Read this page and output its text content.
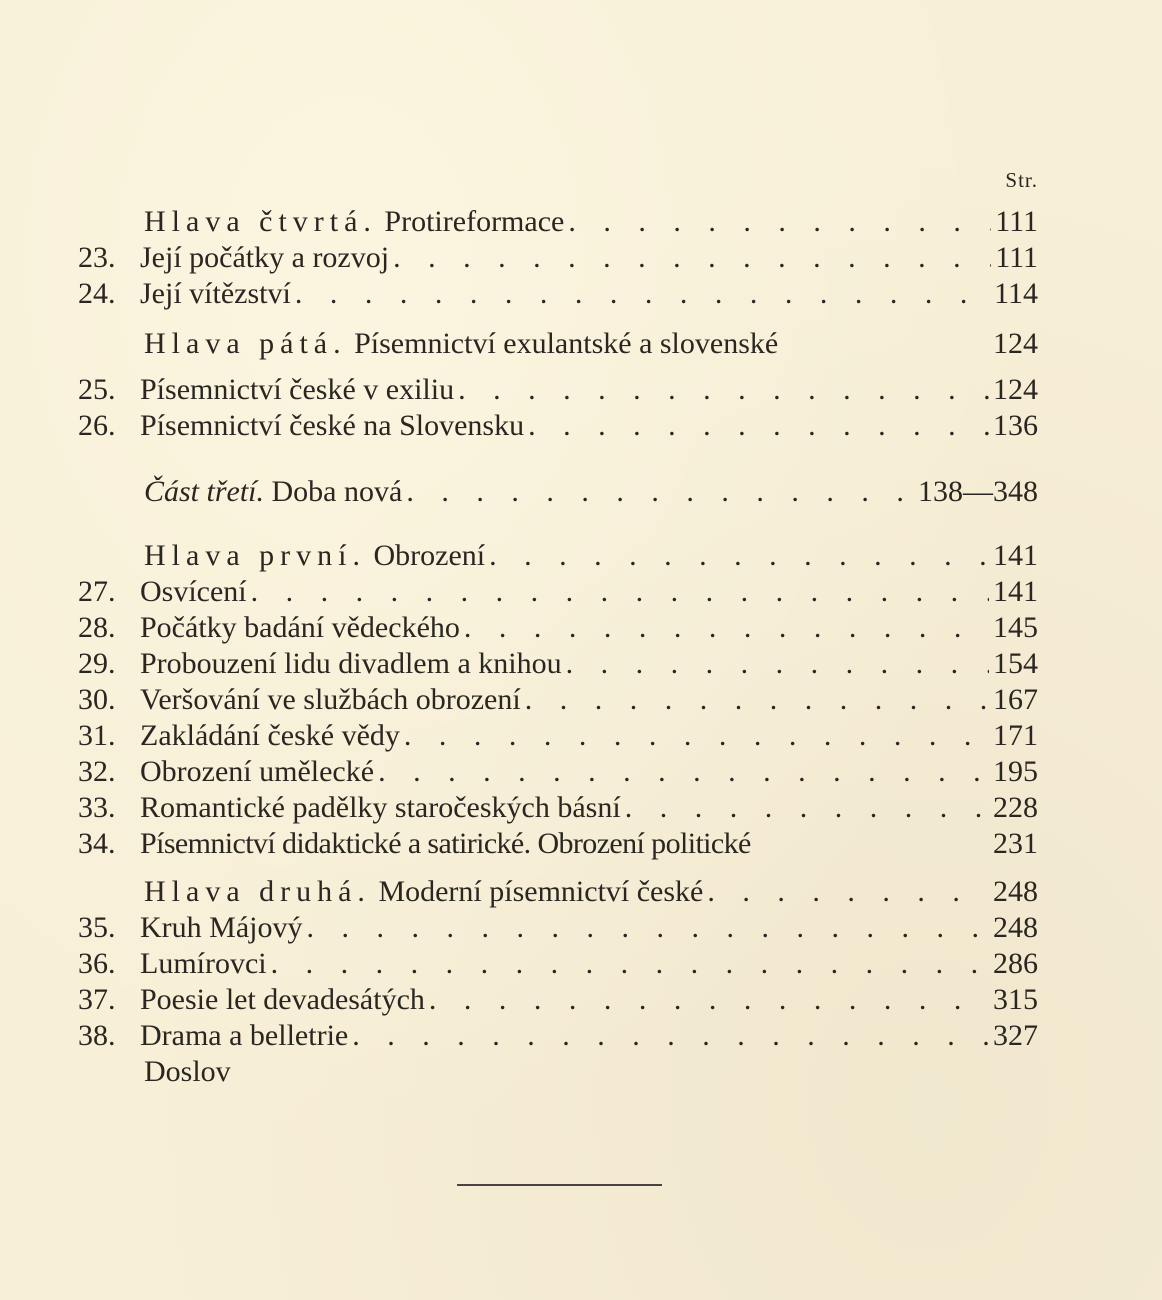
Str.
Hlava čtvrtá. Protireformace . . .	111
23. Její počátky a rozvoj . . .	111
24. Její vítězství . . .	114
Hlava pátá. Písemnictví exulantské a slovenské	124
25. Písemnictví české v exiliu . . .	124
26. Písemnictví české na Slovensku . . .	136
Část třetí. Doba nová . . .	138—348
Hlava první. Obrození . . .	141
27. Osvícení . . .	141
28. Počátky badání vědeckého . . .	145
29. Probouzení lidu divadlem a knihou . . .	154
30. Veršování ve službách obrození . . .	167
31. Zakládání české vědy . . .	171
32. Obrození umělecké . . .	195
33. Romantické padělky staročeských básní . . .	228
34. Písemnictví didaktické a satirické. Obrození politické	231
Hlava druhá. Moderní písemnictví české . . .	248
35. Kruh Májový . . .	248
36. Lumírovci . . .	286
37. Poesie let devadesátých . . .	315
38. Drama a belletrie . . .	327
Doslov
